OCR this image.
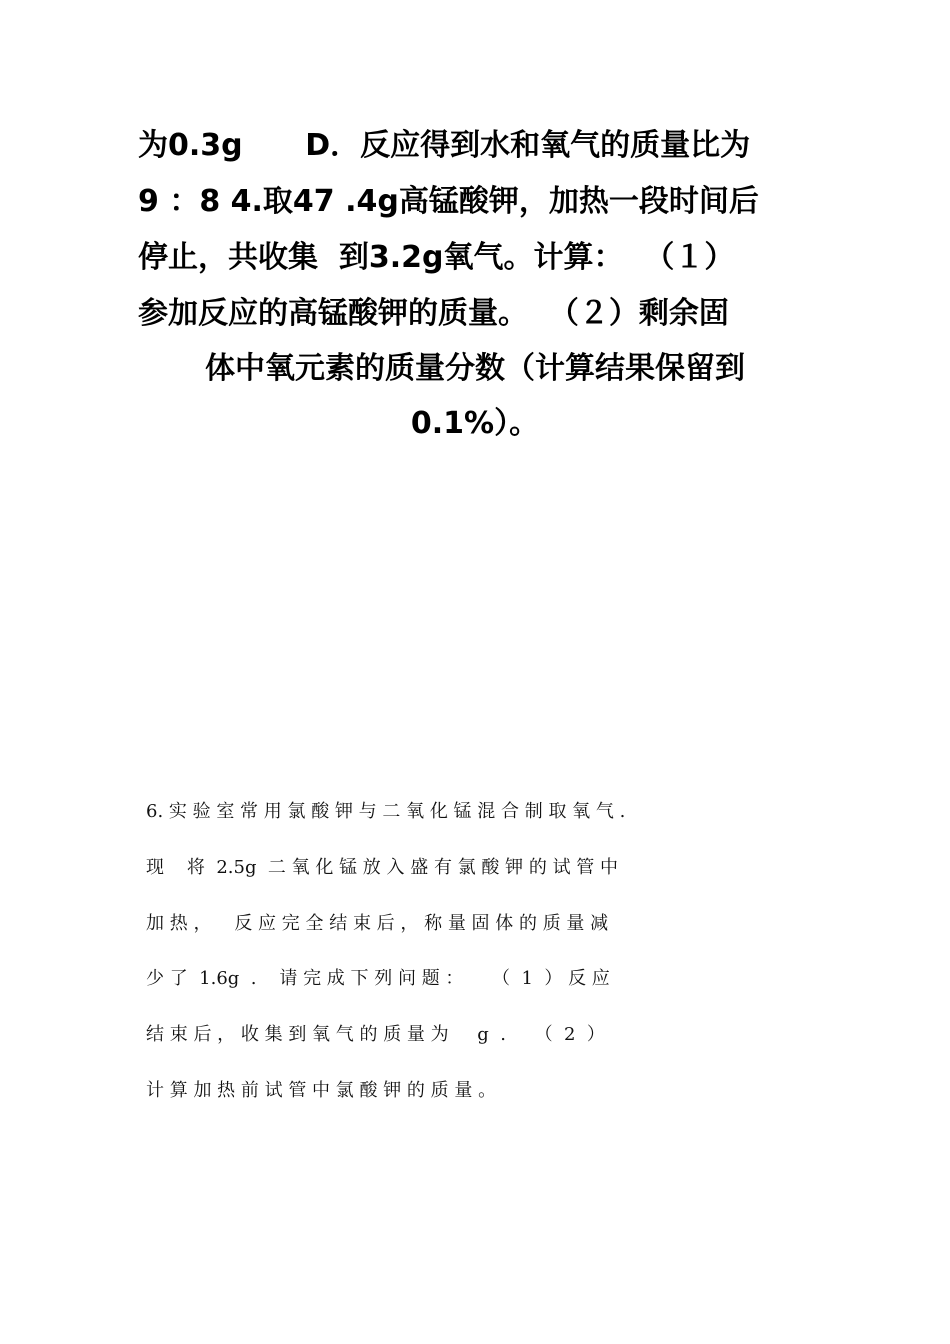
为0.3g      D．反应得到水和氧气的质量比为
9 ：8 4.取47 .4g高锰酸钾，加热一段时间后
停止，共收集  到3.2g氧气。计算：  （１）
参加反应的高锰酸钾的质量。  （２）剩余固
体中氧元素的质量分数（计算结果保留到
0.1%）。
6. 实 验 室 常 用 氯 酸 钾 与 二 氧 化 锰 混 合 制 取 氧 气 .
现    将  2.5g  二 氧 化 锰 放 入 盛 有 氯 酸 钾 的 试 管 中
加 热 ，    反 应 完 全 结 束 后 ， 称 量 固 体 的 质 量 减
少 了  1.6g  .    请 完 成 下 列 问 题 ：     （  1  ） 反 应
结 束 后 ， 收 集 到 氧 气 的 质 量 为     g  .     （  2  ）
计 算 加 热 前 试 管 中 氯 酸 钾 的 质 量 。
